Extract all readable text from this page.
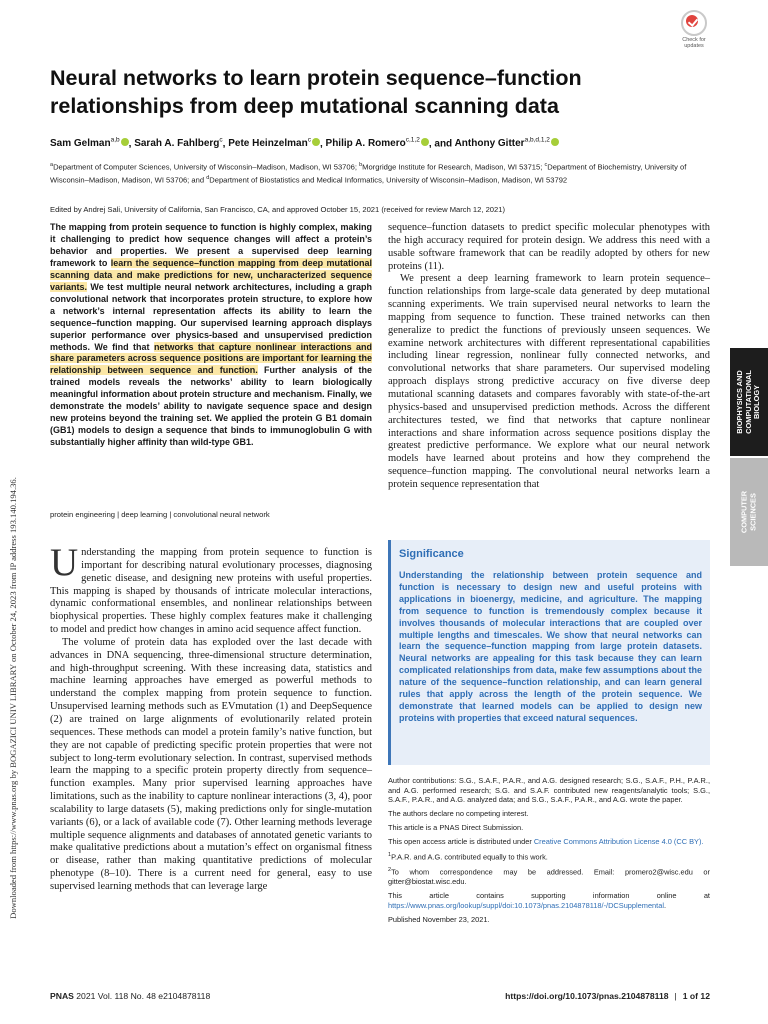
Downloaded from https://www.pnas.org by BOGAZICI UNIV LIBRARY on October 24, 2023 from IP address 193.140.194.36.
Check for updates
Neural networks to learn protein sequence–function relationships from deep mutational scanning data
Sam Gelman$^{a,b}$ , Sarah A. Fahlberg$^c$, Pete Heinzelman$^c$ , Philip A. Romero$^{c,1,2}$ , and Anthony Gitter$^{a,b,d,1,2}$
$^a$Department of Computer Sciences, University of Wisconsin–Madison, Madison, WI 53706; $^b$Morgridge Institute for Research, Madison, WI 53715; $^c$Department of Biochemistry, University of Wisconsin–Madison, Madison, WI 53706; and $^d$Department of Biostatistics and Medical Informatics, University of Wisconsin–Madison, Madison, WI 53792
Edited by Andrej Sali, University of California, San Francisco, CA, and approved October 15, 2021 (received for review March 12, 2021)
The mapping from protein sequence to function is highly complex, making it challenging to predict how sequence changes will affect a protein’s behavior and properties. We present a supervised deep learning framework to learn the sequence–function mapping from deep mutational scanning data and make predictions for new, uncharacterized sequence variants. We test multiple neural network architectures, including a graph convolutional network that incorporates protein structure, to explore how a network’s internal representation affects its ability to learn the sequence–function mapping. Our supervised learning approach displays superior performance over physics-based and unsupervised prediction methods. We find that networks that capture nonlinear interactions and share parameters across sequence positions are important for learning the relationship between sequence and function. Further analysis of the trained models reveals the networks’ ability to learn biologically meaningful information about protein structure and mechanism. Finally, we demonstrate the models’ ability to navigate sequence space and design new proteins beyond the training set. We applied the protein G B1 domain (GB1) models to design a sequence that binds to immunoglobulin G with substantially higher affinity than wild-type GB1.
protein engineering | deep learning | convolutional neural network

Understanding the mapping from protein sequence to function is important for describing natural evolutionary processes, diagnosing genetic disease, and designing new proteins with useful properties. This mapping is shaped by thousands of intricate molecular interactions, dynamic conformational ensembles, and nonlinear relationships between biophysical properties. These highly complex features make it challenging to model and predict how changes in amino acid sequence affect function.

The volume of protein data has exploded over the last decade with advances in DNA sequencing, three-dimensional structure determination, and high-throughput screening. With these increasing data, statistics and machine learning approaches have emerged as powerful methods to understand the complex mapping from protein sequence to function. Unsupervised learning methods such as EVmutation (1) and DeepSequence (2) are trained on large alignments of evolutionarily related protein sequences. These methods can model a protein family’s native function, but they are not capable of predicting specific protein properties that were not subject to long-term evolutionary selection. In contrast, supervised methods learn the mapping to a specific protein property directly from sequence–function examples. Many prior supervised learning approaches have limitations, such as the inability to capture nonlinear interactions (3, 4), poor scalability to large datasets (5), making predictions only for single-mutation variants (6), or a lack of available code (7). Other learning methods leverage multiple sequence alignments and databases of annotated genetic variants to make qualitative predictions about a mutation’s effect on organismal fitness or disease, rather than making quantitative predictions of molecular phenotype (8–10). There is a current need for general, easy to use supervised learning methods that can leverage large

sequence–function datasets to predict specific molecular phenotypes with the high accuracy required for protein design. We address this need with a usable software framework that can be readily adopted by others for new proteins (11).

We present a deep learning framework to learn protein sequence–function relationships from large-scale data generated by deep mutational scanning experiments. We train supervised neural networks to learn the mapping from sequence to function. These trained networks can then generalize to predict the functions of previously unseen sequences. We examine network architectures with different representational capabilities including linear regression, nonlinear fully connected networks, and convolutional networks that share parameters. Our supervised modeling approach displays strong predictive accuracy on five diverse deep mutational scanning datasets and compares favorably with state-of-the-art physics-based and unsupervised prediction methods. Across the different architectures tested, we find that networks that capture nonlinear interactions and share information across sequence positions display the greatest predictive performance. We explore what our neural network models have learned about proteins and how they comprehend the sequence–function mapping. The convolutional neural networks learn a protein sequence representation that

Significance

Understanding the relationship between protein sequence and function is necessary to design new and useful proteins with applications in bioenergy, medicine, and agriculture. The mapping from sequence to function is tremendously complex because it involves thousands of molecular interactions that are coupled over multiple lengths and timescales. We show that neural networks can learn the sequence–function mapping from large protein datasets. Neural networks are appealing for this task because they can learn complicated relationships from data, make few assumptions about the nature of the sequence–function relationship, and can learn general rules that apply across the length of the protein sequence. We demonstrate that learned models can be applied to design new proteins with properties that exceed natural sequences.

Author contributions: S.G., S.A.F., P.A.R., and A.G. designed research; S.G., S.A.F., P.H., P.A.R., and A.G. performed research; S.G. and S.A.F. contributed new reagents/analytic tools; S.G., S.A.F., P.A.R., and A.G. analyzed data; and S.G., S.A.F., P.A.R., and A.G. wrote the paper.

The authors declare no competing interest.

This article is a PNAS Direct Submission.

This open access article is distributed under Creative Commons Attribution License 4.0 (CC BY).

$^1$P.A.R. and A.G. contributed equally to this work.

$^2$To whom correspondence may be addressed. Email: promero2@wisc.edu or gitter@biostat.wisc.edu.

This article contains supporting information online at https://www.pnas.org/lookup/suppl/doi:10.1073/pnas.2104878118/-/DCSupplemental.

Published November 23, 2021.

BIOPHYSICS AND
COMPUTATIONAL
BIOLOGY
COMPUTER
SCIENCES
PNAS 2021 Vol. 118 No. 48 e2104878118	https://doi.org/10.1073/pnas.2104878118 | 1 of 12
